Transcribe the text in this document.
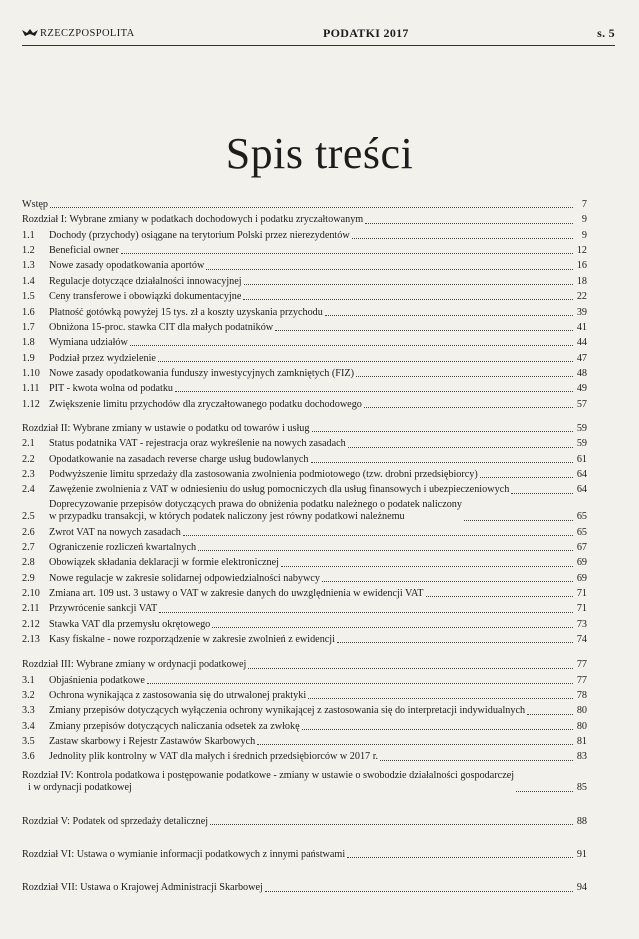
RZECZPOSPOLITA	PODATKI 2017	s. 5
Spis treści
Wstęp	7
Rozdział I: Wybrane zmiany w podatkach dochodowych i podatku zryczałtowanym	9
1.1	Dochody (przychody) osiągane na terytorium Polski przez nierezydentów	9
1.2	Beneficial owner	12
1.3	Nowe zasady opodatkowania aportów	16
1.4	Regulacje dotyczące działalności innowacyjnej	18
1.5	Ceny transferowe i obowiązki dokumentacyjne	22
1.6	Płatność gotówką powyżej 15 tys. zł a koszty uzyskania przychodu	39
1.7	Obniżona 15-proc. stawka CIT dla małych podatników	41
1.8	Wymiana udziałów	44
1.9	Podział przez wydzielenie	47
1.10 Nowe zasady opodatkowania funduszy inwestycyjnych zamkniętych (FIZ)	48
1.11 PIT - kwota wolna od podatku	49
1.12 Zwiększenie limitu przychodów dla zryczałtowanego podatku dochodowego	57
Rozdział II: Wybrane zmiany w ustawie o podatku od towarów i usług	59
2.1	Status podatnika VAT - rejestracja oraz wykreślenie na nowych zasadach	59
2.2	Opodatkowanie na zasadach reverse charge usług budowlanych	61
2.3	Podwyższenie limitu sprzedaży dla zastosowania zwolnienia podmiotowego (tzw. drobni przedsiębiorcy)	64
2.4	Zawężenie zwolnienia z VAT w odniesieniu do usług pomocniczych dla usług finansowych i ubezpieczeniowych	64
2.5
Doprecyzowanie przepisów dotyczących prawa do obniżenia podatku należnego o podatek naliczony
w przypadku transakcji, w których podatek naliczony jest równy podatkowi należnemu	65
2.6	Zwrot VAT na nowych zasadach	65
2.7	Ograniczenie rozliczeń kwartalnych	67
2.8	Obowiązek składania deklaracji w formie elektronicznej	69
2.9	Nowe regulacje w zakresie solidarnej odpowiedzialności nabywcy	69
2.10 Zmiana art. 109 ust. 3 ustawy o VAT w zakresie danych do uwzględnienia w ewidencji VAT	71
2.11 Przywrócenie sankcji VAT	71
2.12 Stawka VAT dla przemysłu okrętowego	73
2.13 Kasy fiskalne - nowe rozporządzenie w zakresie zwolnień z ewidencji	74
Rozdział III: Wybrane zmiany w ordynacji podatkowej	77
3.1	Objaśnienia podatkowe	77
3.2	Ochrona wynikająca z zastosowania się do utrwalonej praktyki	78
3.3	Zmiany przepisów dotyczących wyłączenia ochrony wynikającej z zastosowania się do interpretacji indywidualnych	80
3.4	Zmiany przepisów dotyczących naliczania odsetek za zwłokę	80
3.5	Zastaw skarbowy i Rejestr Zastawów Skarbowych	81
3.6	Jednolity plik kontrolny w VAT dla małych i średnich przedsiębiorców w 2017 r.	83
Rozdział IV: Kontrola podatkowa i postępowanie podatkowe - zmiany w ustawie o swobodzie działalności gospodarczej
i w ordynacji podatkowej	85
Rozdział V: Podatek od sprzedaży detalicznej	88
Rozdział VI: Ustawa o wymianie informacji podatkowych z innymi państwami	91
Rozdział VII: Ustawa o Krajowej Administracji Skarbowej	94
